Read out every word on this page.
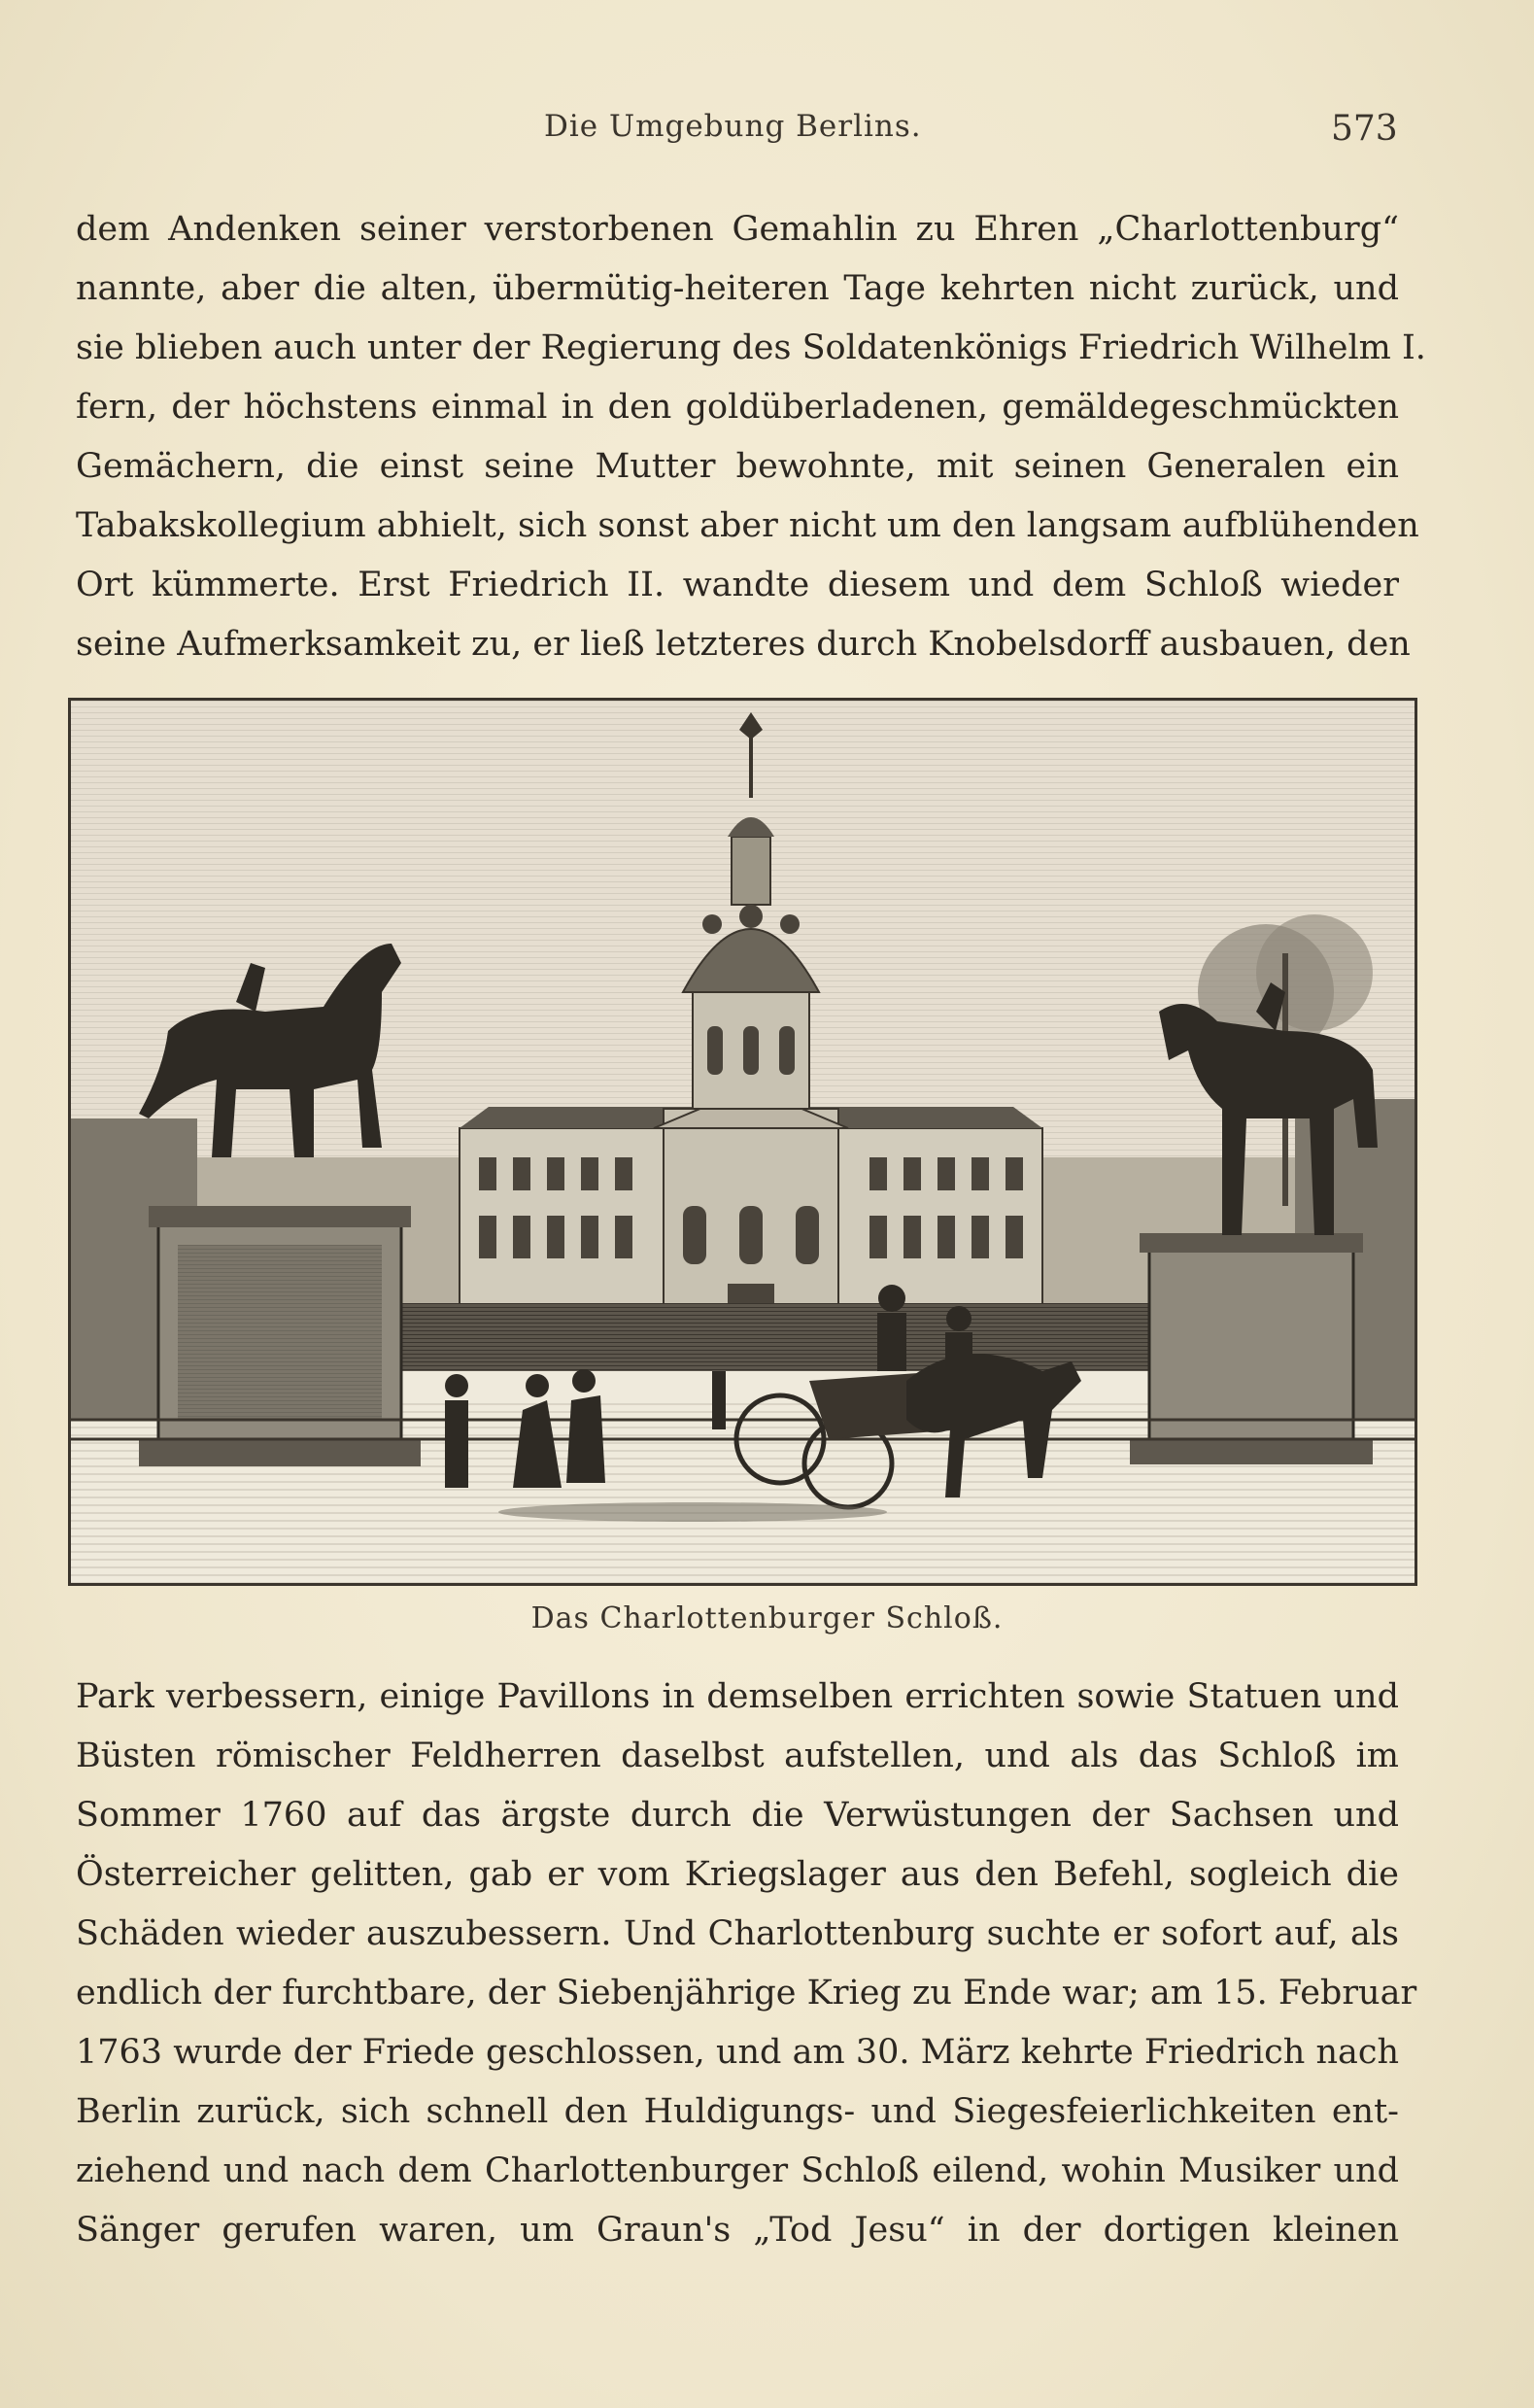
Die Umgebung Berlins.	573
dem Andenken seiner verstorbenen Gemahlin zu Ehren „Charlottenburg“
nannte, aber die alten, übermütig-heiteren Tage kehrten nicht zurück, und
sie blieben auch unter der Regierung des Soldatenkönigs Friedrich Wilhelm I.
fern, der höchstens einmal in den goldüberladenen, gemäldegeschmückten
Gemächern, die einst seine Mutter bewohnte, mit seinen Generalen ein
Tabakskollegium abhielt, sich sonst aber nicht um den langsam aufblühenden
Ort kümmerte. Erst Friedrich II. wandte diesem und dem Schloß wieder
seine Aufmerksamkeit zu, er ließ letzteres durch Knobelsdorff ausbauen, den
Das Charlottenburger Schloß.
Park verbessern, einige Pavillons in demselben errichten sowie Statuen und
Büsten römischer Feldherren daselbst aufstellen, und als das Schloß im
Sommer 1760 auf das ärgste durch die Verwüstungen der Sachsen und
Österreicher gelitten, gab er vom Kriegslager aus den Befehl, sogleich die
Schäden wieder auszubessern. Und Charlottenburg suchte er sofort auf, als
endlich der furchtbare, der Siebenjährige Krieg zu Ende war; am 15. Februar
1763 wurde der Friede geschlossen, und am 30. März kehrte Friedrich nach
Berlin zurück, sich schnell den Huldigungs- und Siegesfeierlichkeiten ent-
ziehend und nach dem Charlottenburger Schloß eilend, wohin Musiker und
Sänger gerufen waren, um Graun's „Tod Jesu“ in der dortigen kleinen
